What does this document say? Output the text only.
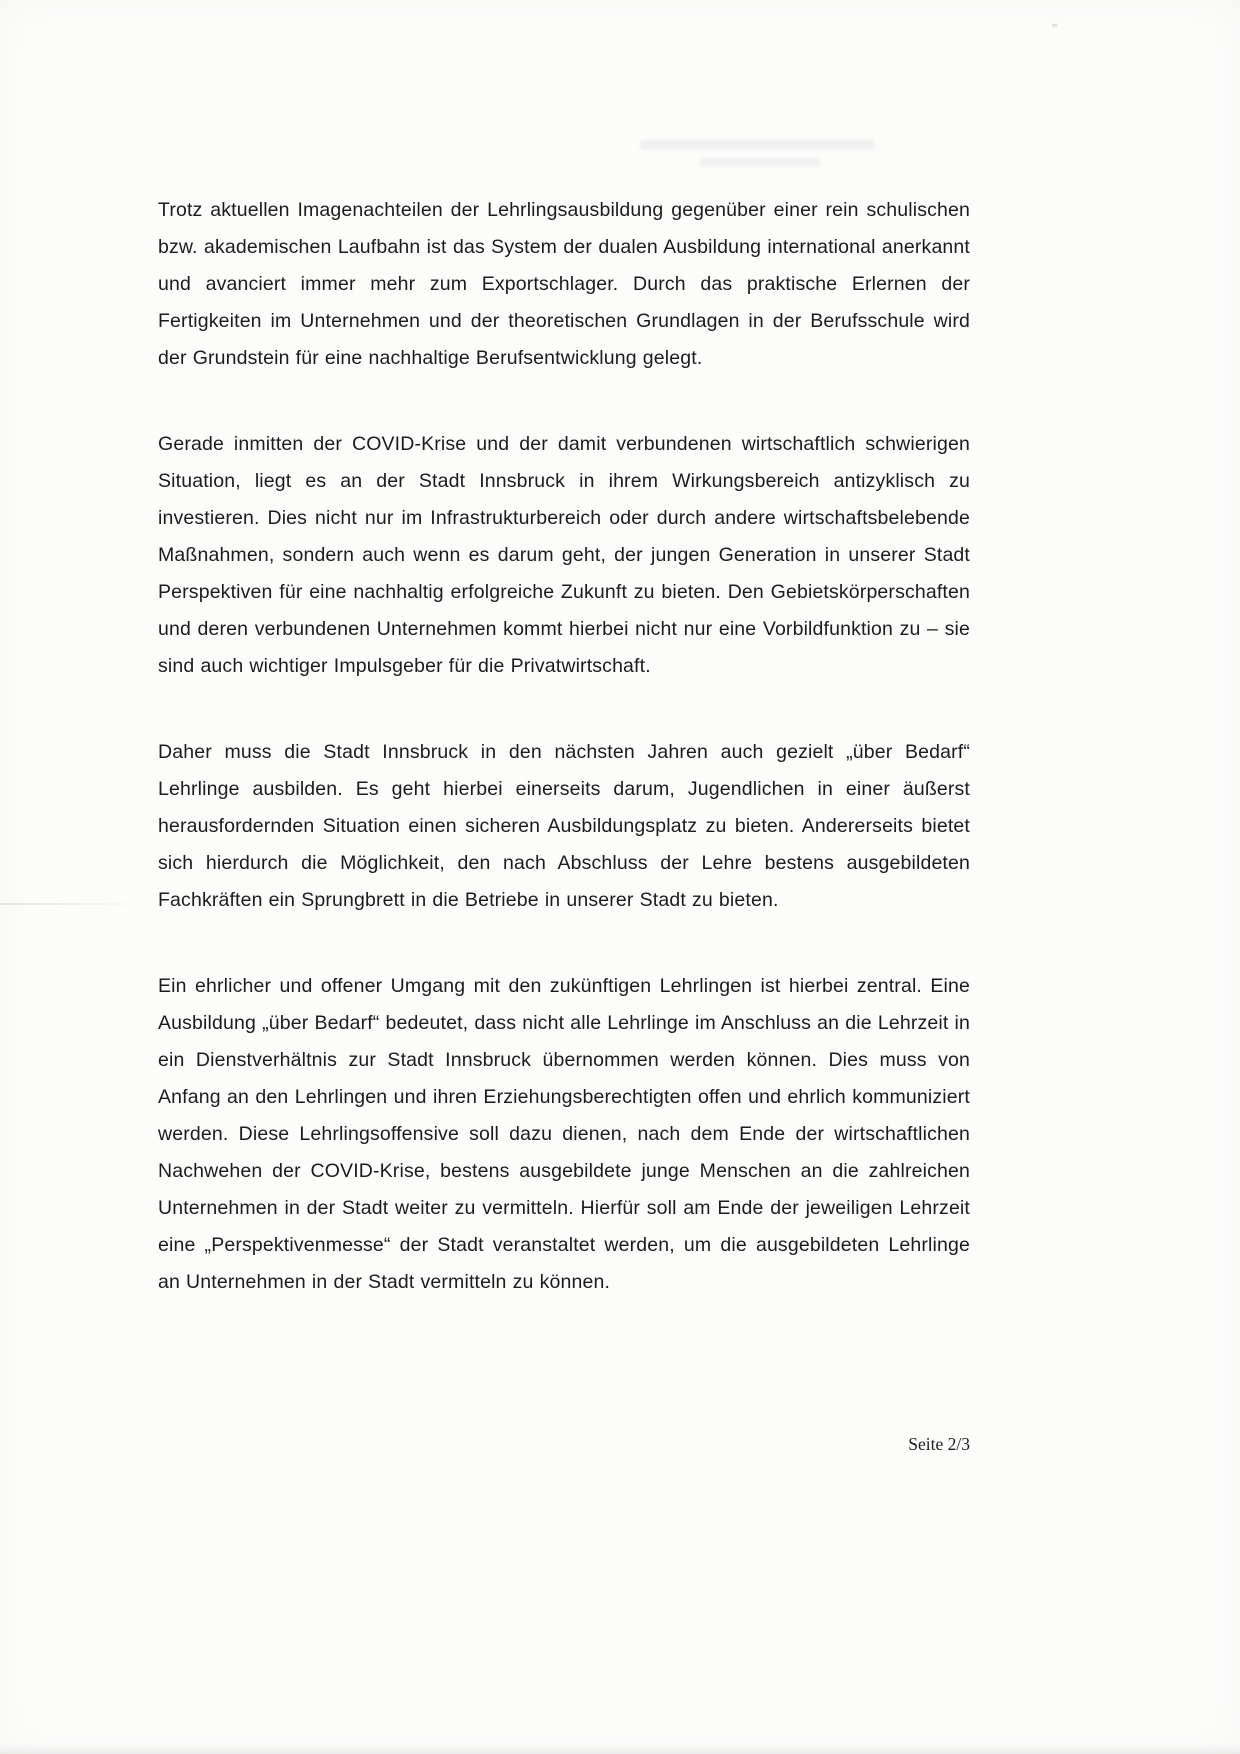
”

Trotz aktuellen Imagenachteilen der Lehrlingsausbildung gegenüber einer rein schulischen bzw. akademischen Laufbahn ist das System der dualen Ausbildung international anerkannt und avanciert immer mehr zum Exportschlager. Durch das praktische Erlernen der Fertigkeiten im Unternehmen und der theoretischen Grundlagen in der Berufsschule wird der Grundstein für eine nachhaltige Berufsentwicklung gelegt.

Gerade inmitten der COVID-Krise und der damit verbundenen wirtschaftlich schwierigen Situation, liegt es an der Stadt Innsbruck in ihrem Wirkungsbereich antizyklisch zu investieren. Dies nicht nur im Infrastrukturbereich oder durch andere wirtschaftsbelebende Maßnahmen, sondern auch wenn es darum geht, der jungen Generation in unserer Stadt Perspektiven für eine nachhaltig erfolgreiche Zukunft zu bieten. Den Gebietskörperschaften und deren verbundenen Unternehmen kommt hierbei nicht nur eine Vorbildfunktion zu – sie sind auch wichtiger Impulsgeber für die Privatwirtschaft.

Daher muss die Stadt Innsbruck in den nächsten Jahren auch gezielt „über Bedarf“ Lehrlinge ausbilden. Es geht hierbei einerseits darum, Jugendlichen in einer äußerst herausfordernden Situation einen sicheren Ausbildungsplatz zu bieten. Andererseits bietet sich hierdurch die Möglichkeit, den nach Abschluss der Lehre bestens ausgebildeten Fachkräften ein Sprungbrett in die Betriebe in unserer Stadt zu bieten.

Ein ehrlicher und offener Umgang mit den zukünftigen Lehrlingen ist hierbei zentral. Eine Ausbildung „über Bedarf“ bedeutet, dass nicht alle Lehrlinge im Anschluss an die Lehrzeit in ein Dienstverhältnis zur Stadt Innsbruck übernommen werden können. Dies muss von Anfang an den Lehrlingen und ihren Erziehungsberechtigten offen und ehrlich kommuniziert werden. Diese Lehrlingsoffensive soll dazu dienen, nach dem Ende der wirtschaftlichen Nachwehen der COVID-Krise, bestens ausgebildete junge Menschen an die zahlreichen Unternehmen in der Stadt weiter zu vermitteln. Hierfür soll am Ende der jeweiligen Lehrzeit eine „Perspektivenmesse“ der Stadt veranstaltet werden, um die ausgebildeten Lehrlinge an Unternehmen in der Stadt vermitteln zu können.

Seite 2/3
